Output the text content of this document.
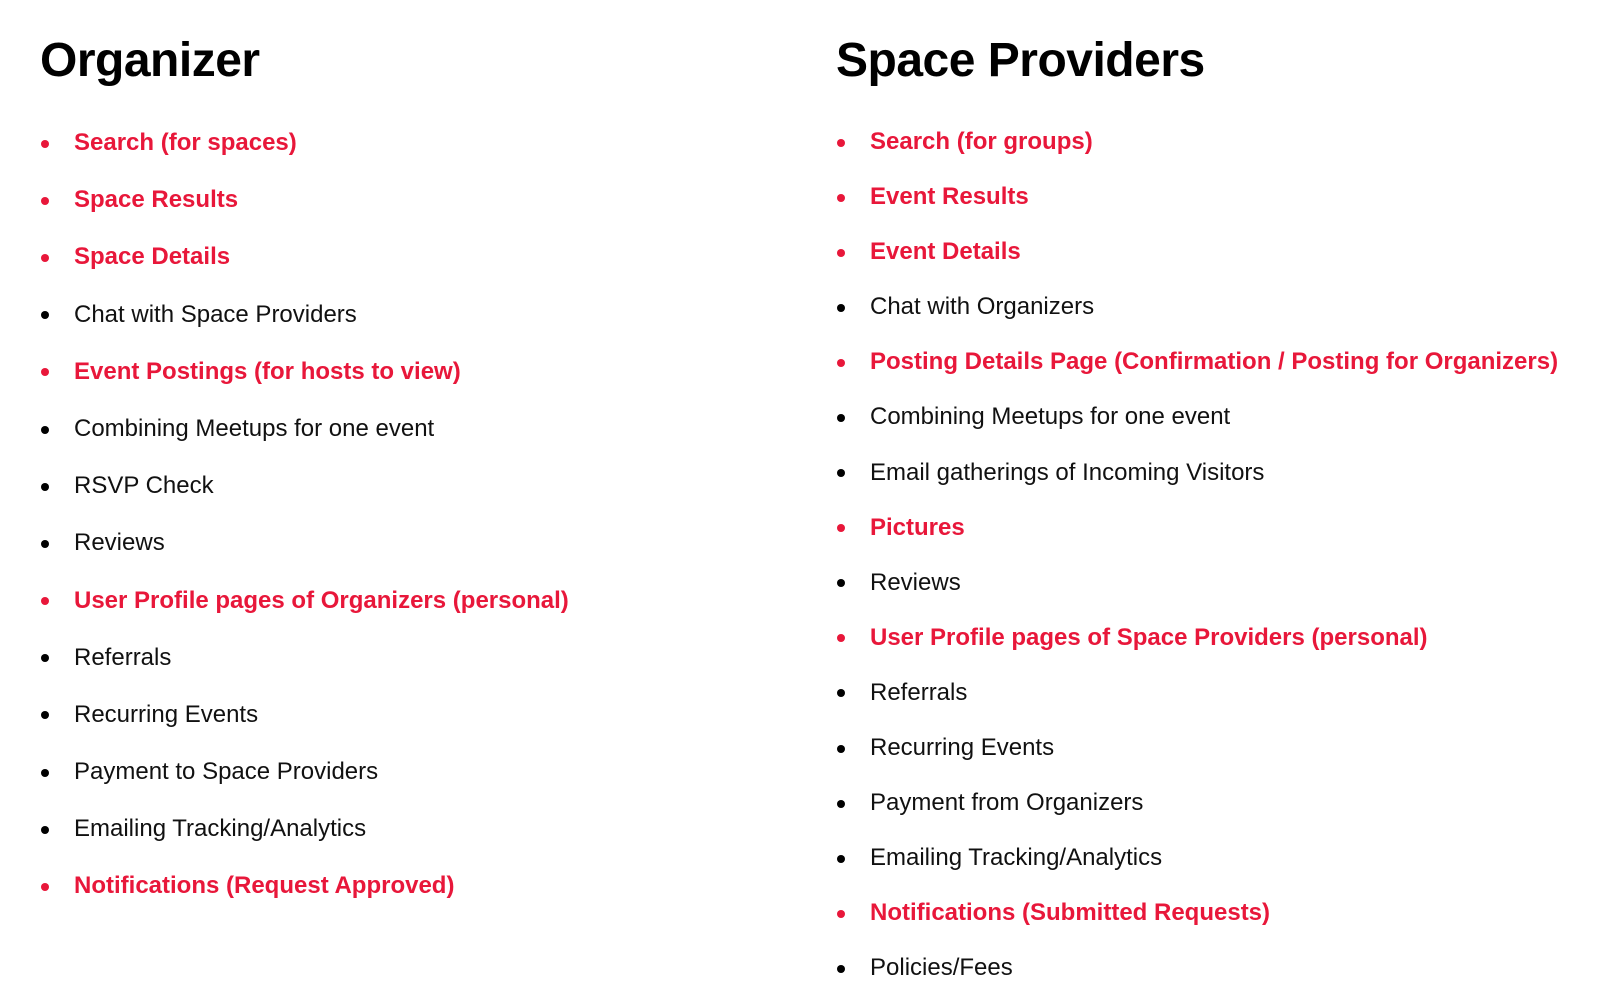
Organizer
Search (for spaces)
Space Results
Space Details
Chat with Space Providers
Event Postings (for hosts to view)
Combining Meetups for one event
RSVP Check
Reviews
User Profile pages of Organizers (personal)
Referrals
Recurring Events
Payment to Space Providers
Emailing Tracking/Analytics
Notifications (Request Approved)
Space Providers
Search (for groups)
Event Results
Event Details
Chat with Organizers
Posting Details Page (Confirmation / Posting for Organizers)
Combining Meetups for one event
Email gatherings of Incoming Visitors
Pictures
Reviews
User Profile pages of Space Providers (personal)
Referrals
Recurring Events
Payment from Organizers
Emailing Tracking/Analytics
Notifications (Submitted Requests)
Policies/Fees
